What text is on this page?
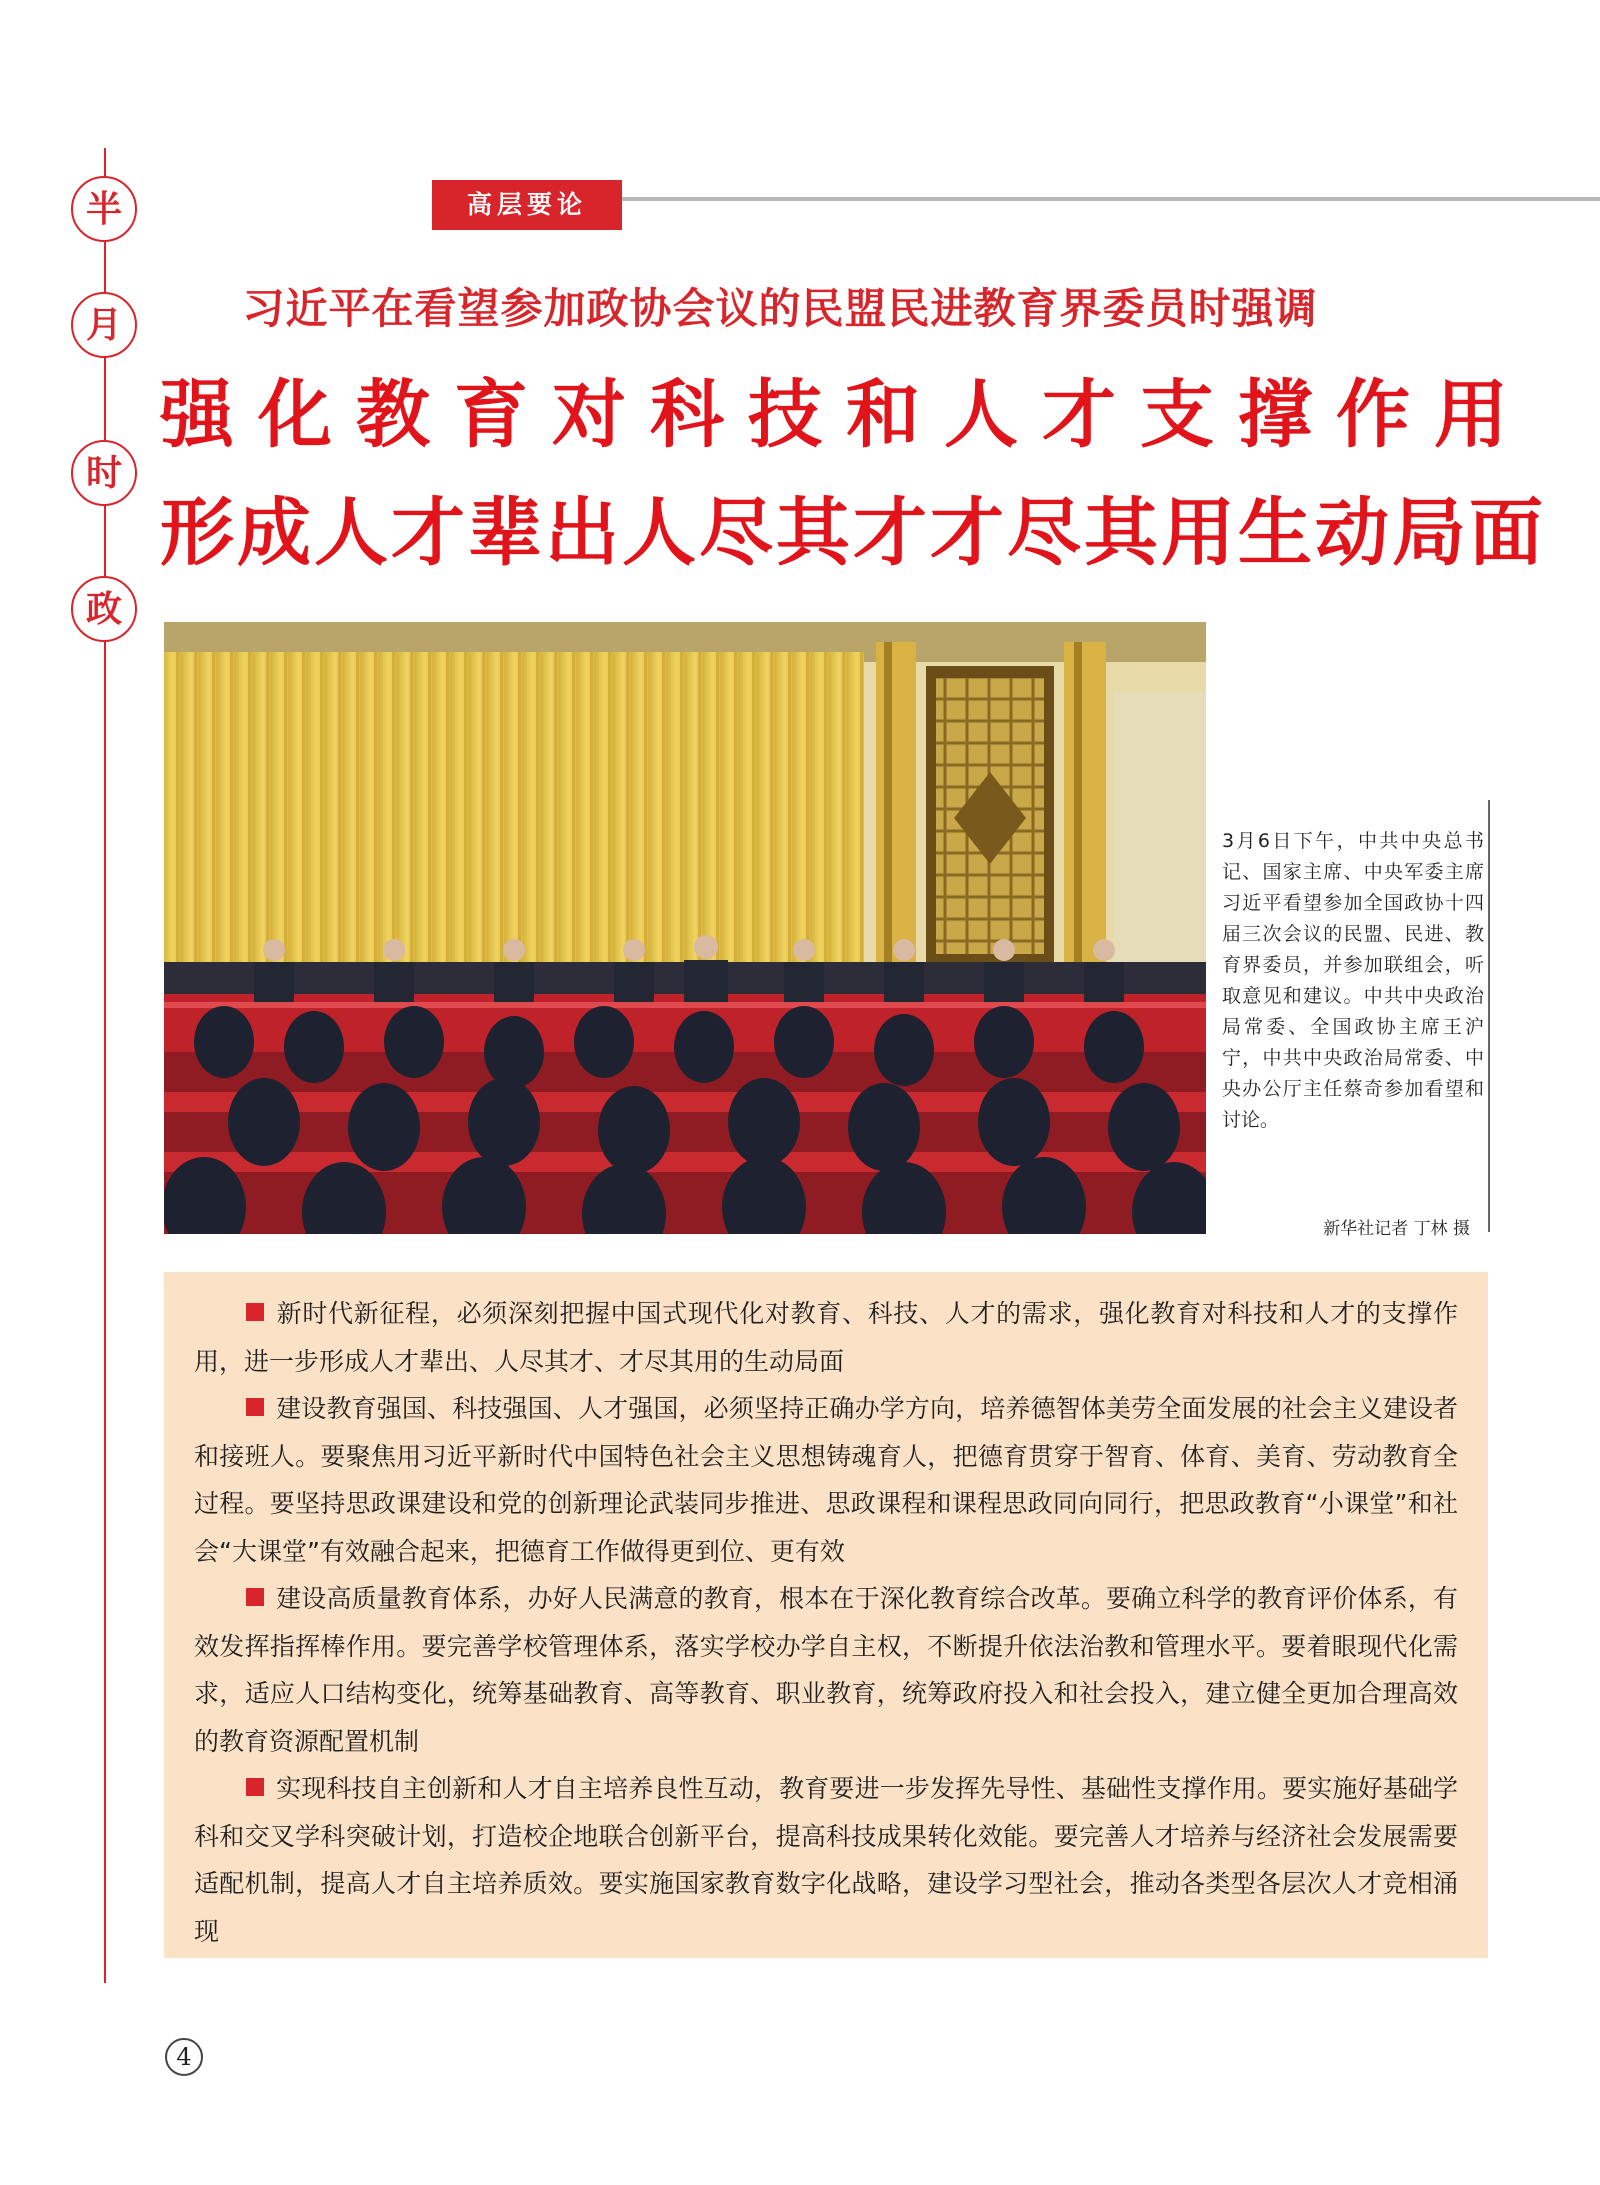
半
月
时
政
高层要论
习近平在看望参加政协会议的民盟民进教育界委员时强调
强化教育对科技和人才支撑作用
形成人才辈出人尽其才才尽其用生动局面
3月6日下午，中共中央总书记、国家主席、中央军委主席习近平看望参加全国政协十四届三次会议的民盟、民进、教育界委员，并参加联组会，听取意见和建议。中共中央政治局常委、全国政协主席王沪宁，中共中央政治局常委、中央办公厅主任蔡奇参加看望和讨论。
新华社记者 丁林 摄

新时代新征程，必须深刻把握中国式现代化对教育、科技、人才的需求，强化教育对科技和人才的支撑作用，进一步形成人才辈出、人尽其才、才尽其用的生动局面

建设教育强国、科技强国、人才强国，必须坚持正确办学方向，培养德智体美劳全面发展的社会主义建设者和接班人。要聚焦用习近平新时代中国特色社会主义思想铸魂育人，把德育贯穿于智育、体育、美育、劳动教育全过程。要坚持思政课建设和党的创新理论武装同步推进、思政课程和课程思政同向同行，把思政教育“小课堂”和社会“大课堂”有效融合起来，把德育工作做得更到位、更有效

建设高质量教育体系，办好人民满意的教育，根本在于深化教育综合改革。要确立科学的教育评价体系，有效发挥指挥棒作用。要完善学校管理体系，落实学校办学自主权，不断提升依法治教和管理水平。要着眼现代化需求，适应人口结构变化，统筹基础教育、高等教育、职业教育，统筹政府投入和社会投入，建立健全更加合理高效的教育资源配置机制

实现科技自主创新和人才自主培养良性互动，教育要进一步发挥先导性、基础性支撑作用。要实施好基础学科和交叉学科突破计划，打造校企地联合创新平台，提高科技成果转化效能。要完善人才培养与经济社会发展需要适配机制，提高人才自主培养质效。要实施国家教育数字化战略，建设学习型社会，推动各类型各层次人才竞相涌现

4
